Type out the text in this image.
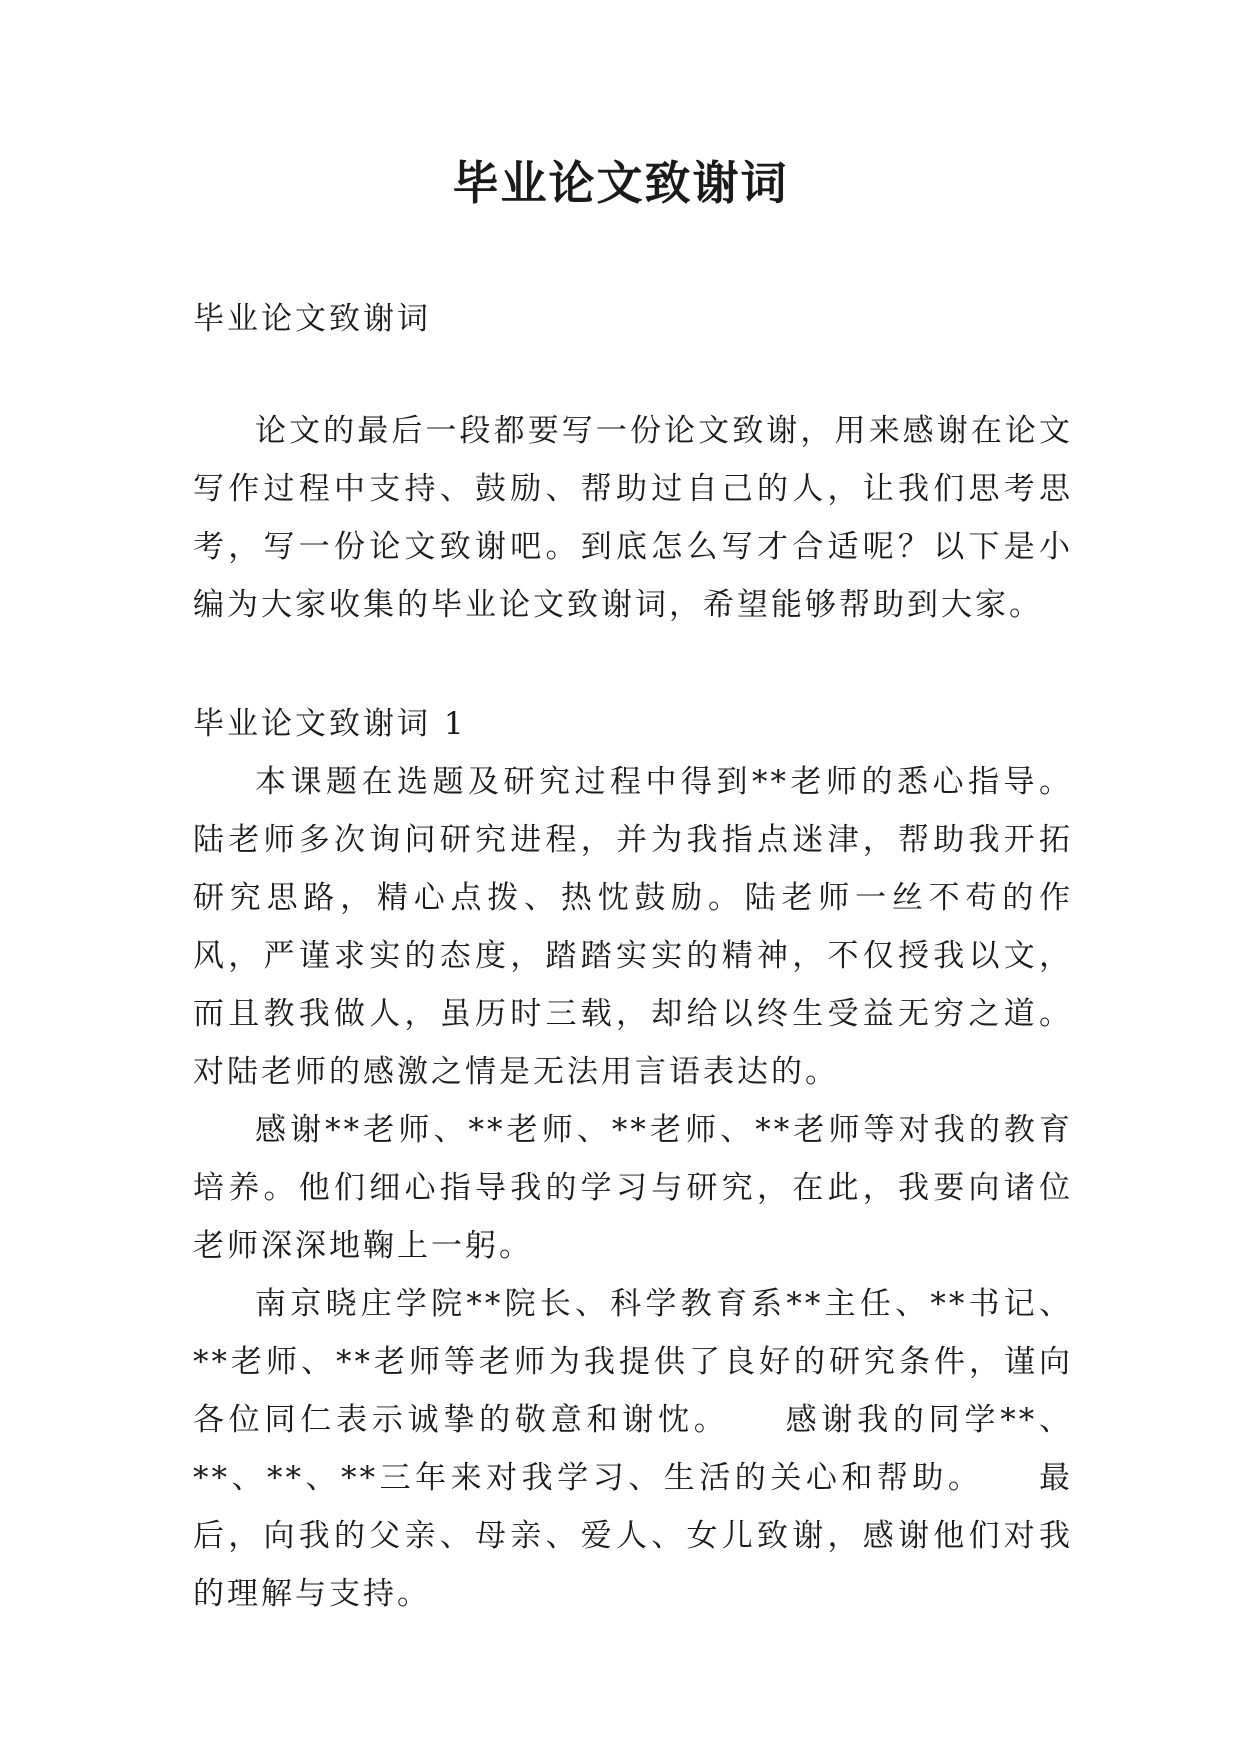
毕业论文致谢词
毕业论文致谢词

论文的最后一段都要写一份论文致谢，用来感谢在论文写作过程中支持、鼓励、帮助过自己的人，让我们思考思考，写一份论文致谢吧。到底怎么写才合适呢？以下是小编为大家收集的毕业论文致谢词，希望能够帮助到大家。

毕业论文致谢词 1

本课题在选题及研究过程中得到**老师的悉心指导。陆老师多次询问研究进程，并为我指点迷津，帮助我开拓研究思路，精心点拨、热忱鼓励。陆老师一丝不苟的作风，严谨求实的态度，踏踏实实的精神，不仅授我以文，而且教我做人，虽历时三载，却给以终生受益无穷之道。对陆老师的感激之情是无法用言语表达的。

感谢**老师、**老师、**老师、**老师等对我的教育培养。他们细心指导我的学习与研究，在此，我要向诸位老师深深地鞠上一躬。

南京晓庄学院**院长、科学教育系**主任、**书记、**老师、**老师等老师为我提供了良好的研究条件，谨向各位同仁表示诚挚的敬意和谢忱。　　感谢我的同学**、**、**、**三年来对我学习、生活的关心和帮助。　　最后，向我的父亲、母亲、爱人、女儿致谢，感谢他们对我的理解与支持。
